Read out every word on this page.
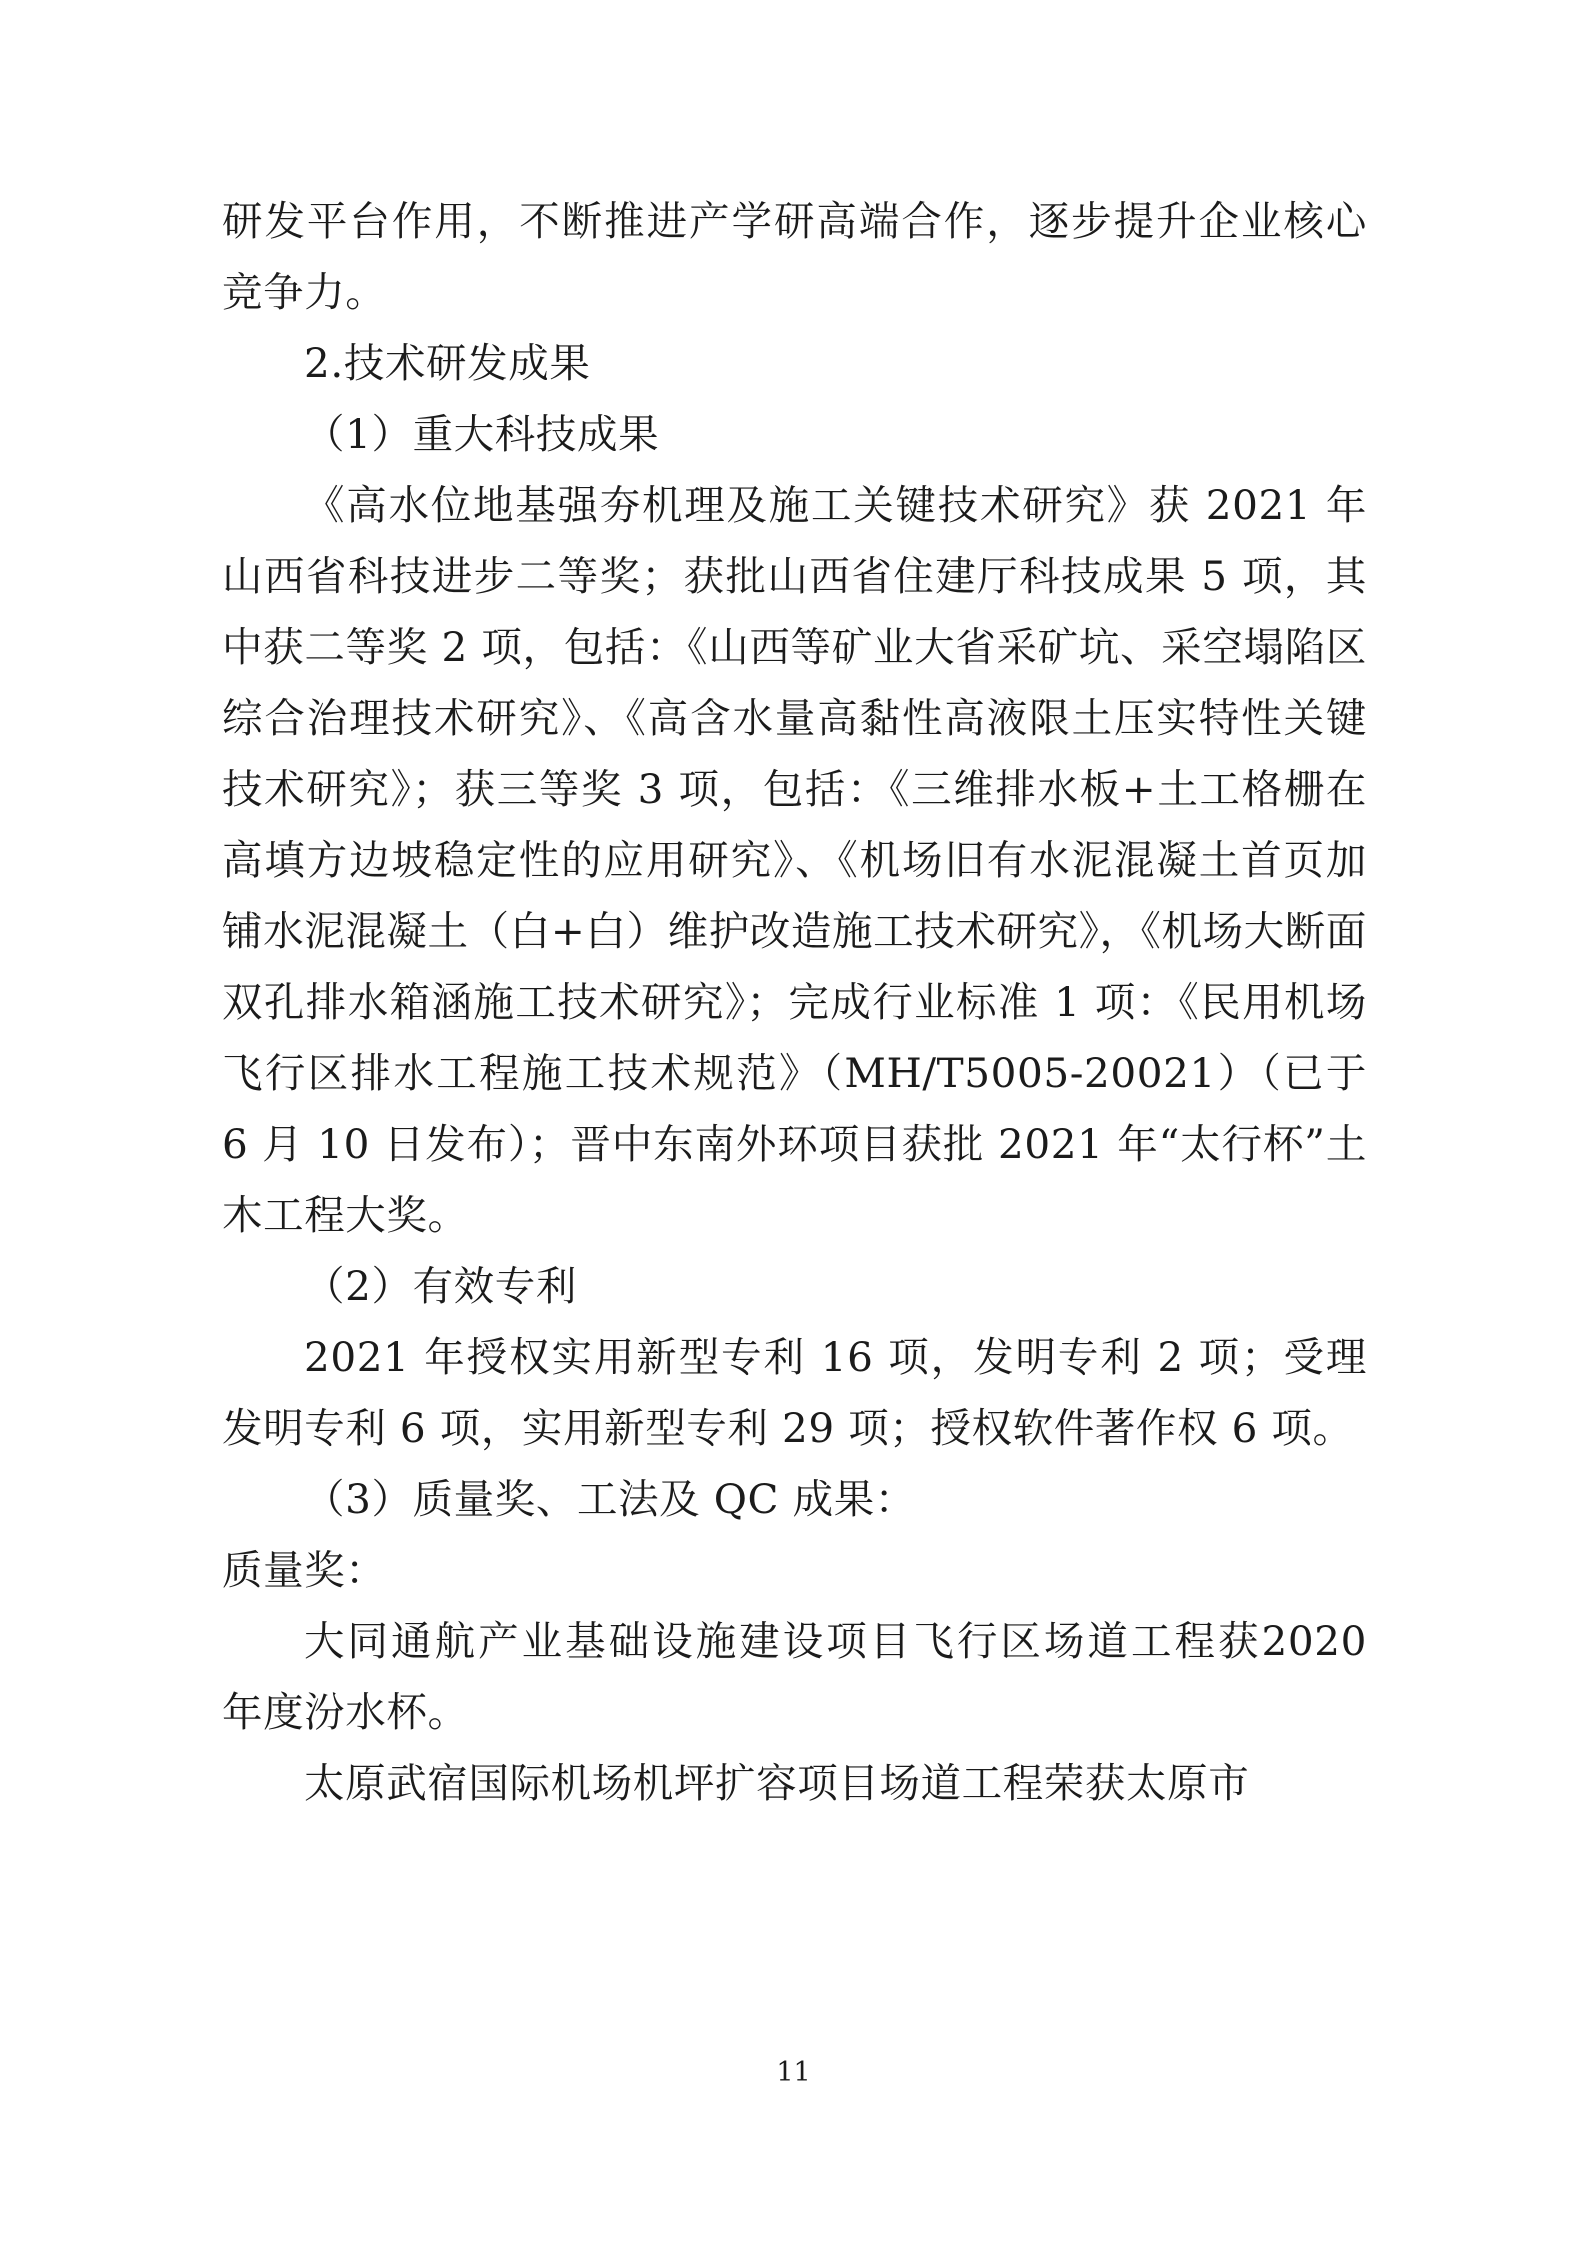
研发平台作用，不断推进产学研高端合作，逐步提升企业核心竞争力。

2.技术研发成果

（1）重大科技成果

《高水位地基强夯机理及施工关键技术研究》获 2021 年山西省科技进步二等奖；获批山西省住建厅科技成果 5 项，其中获二等奖 2 项，包括：《山西等矿业大省采矿坑、采空塌陷区综合治理技术研究》、《高含水量高黏性高液限土压实特性关键技术研究》；获三等奖 3 项，包括：《三维排水板+土工格栅在高填方边坡稳定性的应用研究》、《机场旧有水泥混凝土首页加铺水泥混凝土（白+白）维护改造施工技术研究》，《机场大断面双孔排水箱涵施工技术研究》；完成行业标准 1 项：《民用机场飞行区排水工程施工技术规范》（MH/T5005-20021）（已于 6 月 10 日发布）；晋中东南外环项目获批 2021 年“太行杯”土木工程大奖。

（2）有效专利

2021 年授权实用新型专利 16 项，发明专利 2 项；受理发明专利 6 项，实用新型专利 29 项；授权软件著作权 6 项。

（3）质量奖、工法及 QC 成果：

质量奖：

大同通航产业基础设施建设项目飞行区场道工程获2020 年度汾水杯。

太原武宿国际机场机坪扩容项目场道工程荣获太原市

11
